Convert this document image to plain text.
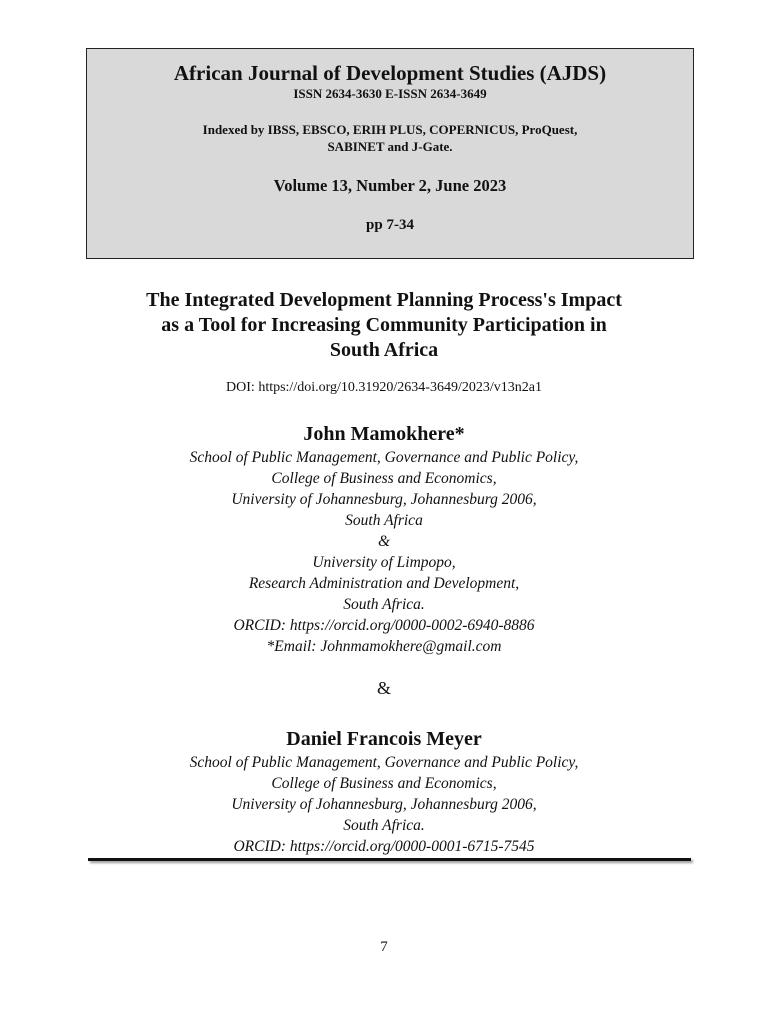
African Journal of Development Studies (AJDS)
ISSN 2634-3630 E-ISSN 2634-3649
Indexed by IBSS, EBSCO, ERIH PLUS, COPERNICUS, ProQuest,
SABINET and J-Gate.
Volume 13, Number 2, June 2023
pp 7-34
The Integrated Development Planning Process's Impact
as a Tool for Increasing Community Participation in
South Africa
DOI: https://doi.org/10.31920/2634-3649/2023/v13n2a1
John Mamokhere*
School of Public Management, Governance and Public Policy,
College of Business and Economics,
University of Johannesburg, Johannesburg 2006,
South Africa
&
University of Limpopo,
Research Administration and Development,
South Africa.
ORCID: https://orcid.org/0000-0002-6940-8886
*Email: Johnmamokhere@gmail.com
&
Daniel Francois Meyer
School of Public Management, Governance and Public Policy,
College of Business and Economics,
University of Johannesburg, Johannesburg 2006,
South Africa.
ORCID: https://orcid.org/0000-0001-6715-7545
7
